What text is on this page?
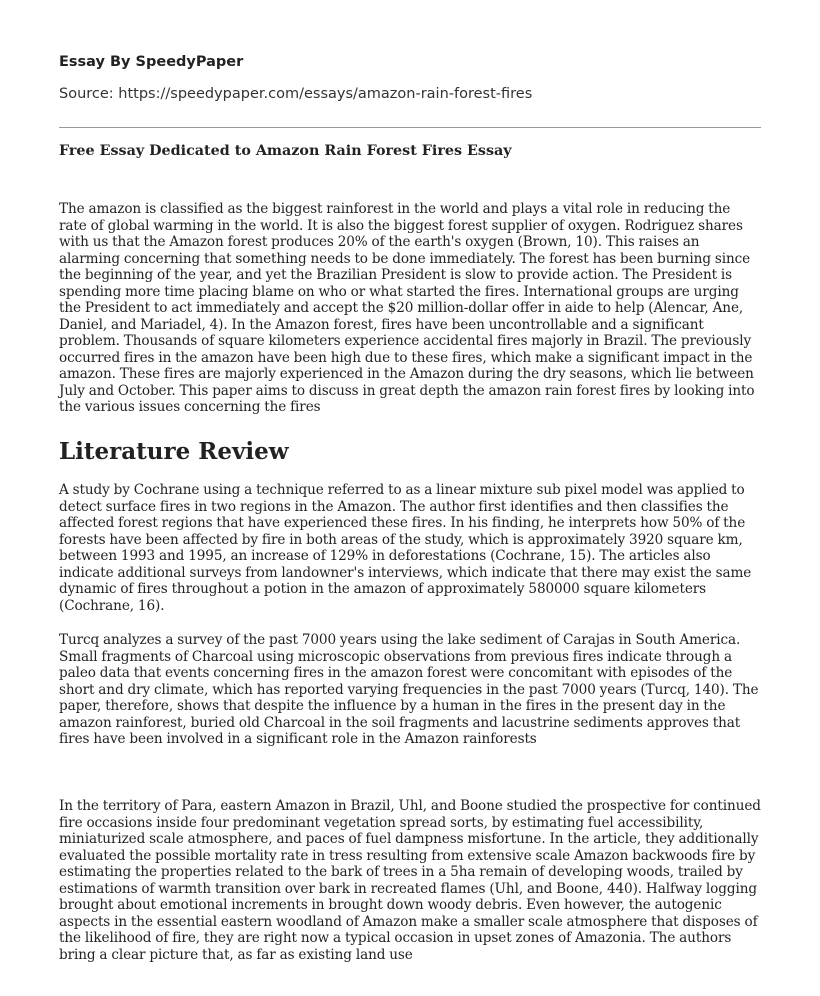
Essay By SpeedyPaper
Source: https://speedypaper.com/essays/amazon-rain-forest-fires
Free Essay Dedicated to Amazon Rain Forest Fires Essay

The amazon is classified as the biggest rainforest in the world and plays a vital role in reducing the rate of global warming in the world. It is also the biggest forest supplier of oxygen. Rodriguez shares with us that the Amazon forest produces 20% of the earth's oxygen (Brown, 10). This raises an alarming concerning that something needs to be done immediately. The forest has been burning since the beginning of the year, and yet the Brazilian President is slow to provide action. The President is spending more time placing blame on who or what started the fires. International groups are urging the President to act immediately and accept the $20 million-dollar offer in aide to help (Alencar, Ane, Daniel, and Mariadel, 4). In the Amazon forest, fires have been uncontrollable and a significant problem. Thousands of square kilometers experience accidental fires majorly in Brazil. The previously occurred fires in the amazon have been high due to these fires, which make a significant impact in the amazon. These fires are majorly experienced in the Amazon during the dry seasons, which lie between July and October. This paper aims to discuss in great depth the amazon rain forest fires by looking into the various issues concerning the fires

Literature Review

A study by Cochrane using a technique referred to as a linear mixture sub pixel model was applied to detect surface fires in two regions in the Amazon. The author first identifies and then classifies the affected forest regions that have experienced these fires. In his finding, he interprets how 50% of the forests have been affected by fire in both areas of the study, which is approximately 3920 square km, between 1993 and 1995, an increase of 129% in deforestations (Cochrane, 15). The articles also indicate additional surveys from landowner's interviews, which indicate that there may exist the same dynamic of fires throughout a potion in the amazon of approximately 580000 square kilometers (Cochrane, 16).

Turcq analyzes a survey of the past 7000 years using the lake sediment of Carajas in South America. Small fragments of Charcoal using microscopic observations from previous fires indicate through a paleo data that events concerning fires in the amazon forest were concomitant with episodes of the short and dry climate, which has reported varying frequencies in the past 7000 years (Turcq, 140). The paper, therefore, shows that despite the influence by a human in the fires in the present day in the amazon rainforest, buried old Charcoal in the soil fragments and lacustrine sediments approves that fires have been involved in a significant role in the Amazon rainforests

In the territory of Para, eastern Amazon in Brazil, Uhl, and Boone studied the prospective for continued fire occasions inside four predominant vegetation spread sorts, by estimating fuel accessibility, miniaturized scale atmosphere, and paces of fuel dampness misfortune. In the article, they additionally evaluated the possible mortality rate in tress resulting from extensive scale Amazon backwoods fire by estimating the properties related to the bark of trees in a 5ha remain of developing woods, trailed by estimations of warmth transition over bark in recreated flames (Uhl, and Boone, 440). Halfway logging brought about emotional increments in brought down woody debris. Even however, the autogenic aspects in the essential eastern woodland of Amazon make a smaller scale atmosphere that disposes of the likelihood of fire, they are right now a typical occasion in upset zones of Amazonia. The authors bring a clear picture that, as far as existing land use
